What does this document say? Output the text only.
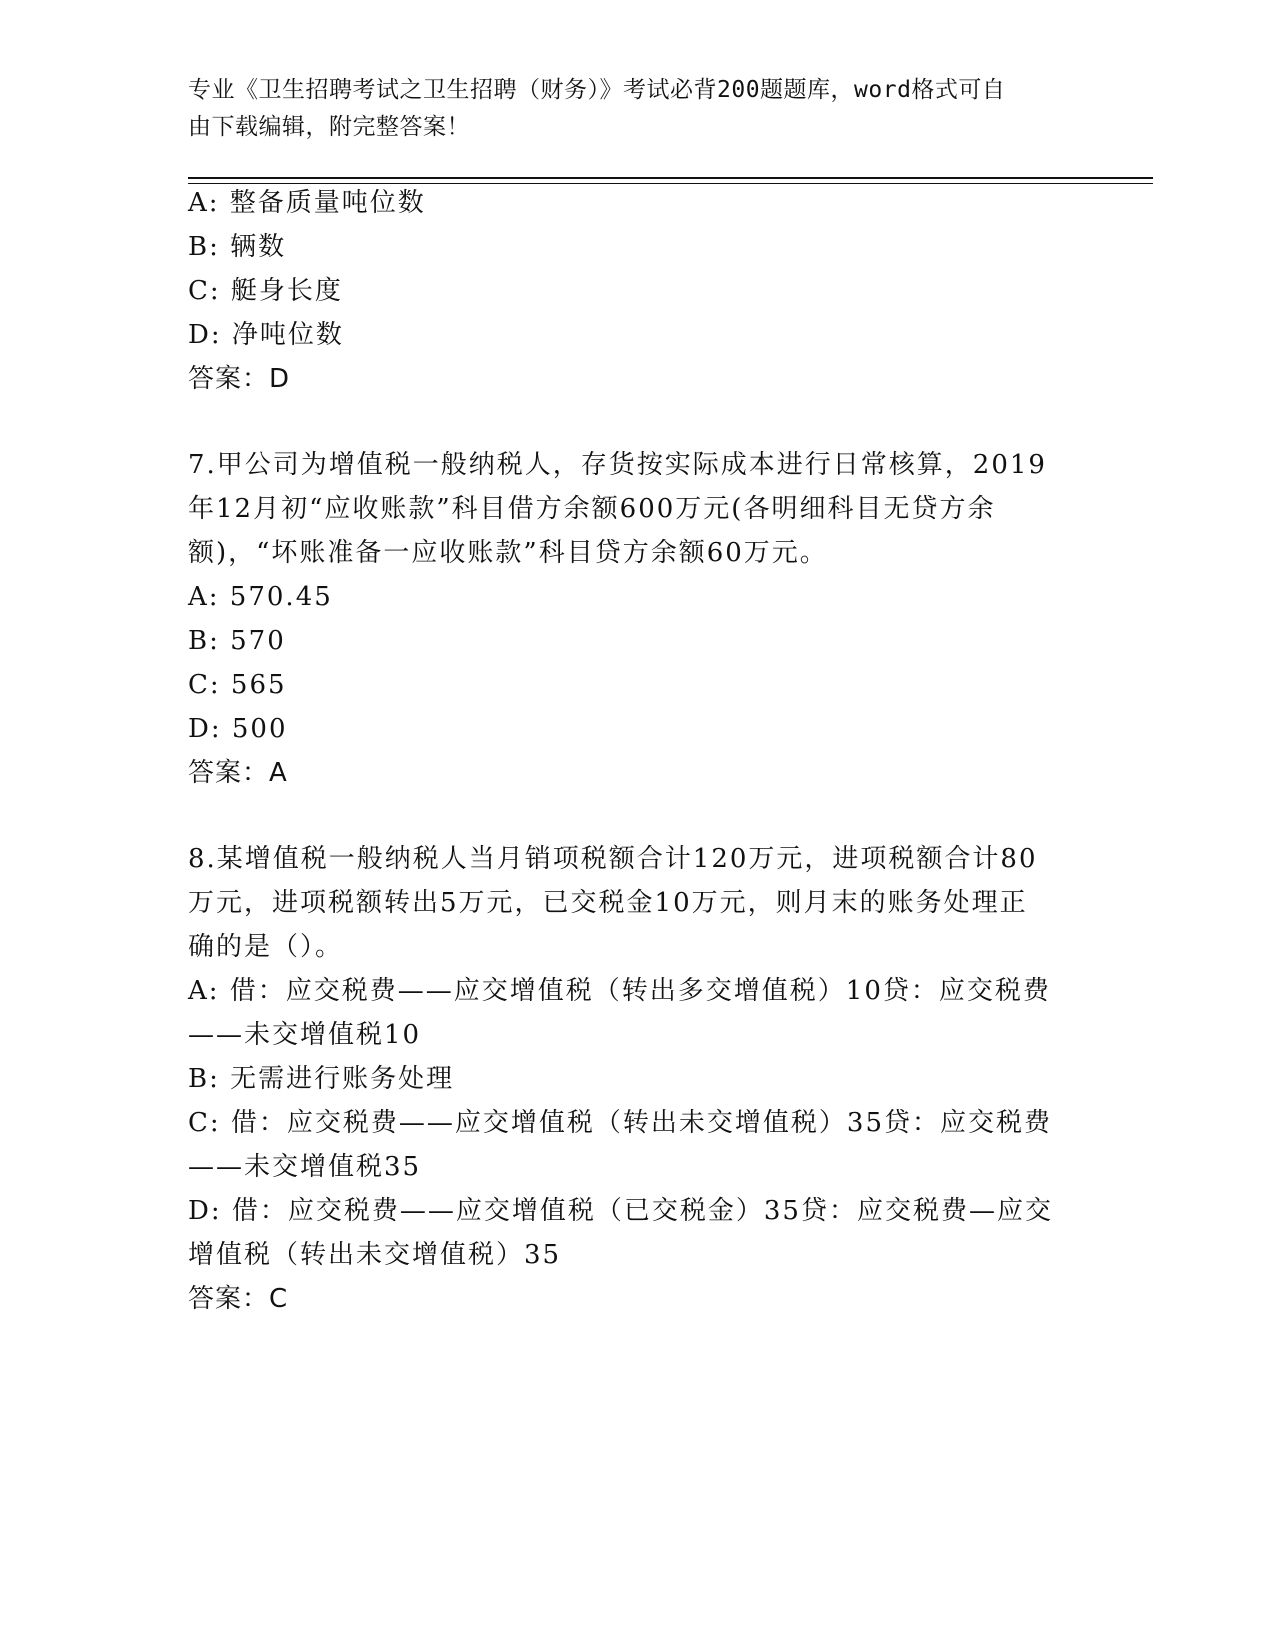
专业《卫生招聘考试之卫生招聘（财务）》考试必背200题题库，word格式可自
由下载编辑，附完整答案！
A: 整备质量吨位数
B: 辆数
C: 艇身长度
D: 净吨位数
答案：D
7.甲公司为增值税一般纳税人，存货按实际成本进行日常核算，2019
年12月初“应收账款”科目借方余额600万元(各明细科目无贷方余
额)，“坏账准备一应收账款”科目贷方余额60万元。
A: 570.45
B: 570
C: 565
D: 500
答案：A
8.某增值税一般纳税人当月销项税额合计120万元，进项税额合计80
万元，进项税额转出5万元，已交税金10万元，则月末的账务处理正
确的是（）。
A: 借：应交税费——应交增值税（转出多交增值税）10贷：应交税费
——未交增值税10
B: 无需进行账务处理
C: 借：应交税费——应交增值税（转出未交增值税）35贷：应交税费
——未交增值税35
D: 借：应交税费——应交增值税（已交税金）35贷：应交税费—应交
增值税（转出未交增值税）35
答案：C
